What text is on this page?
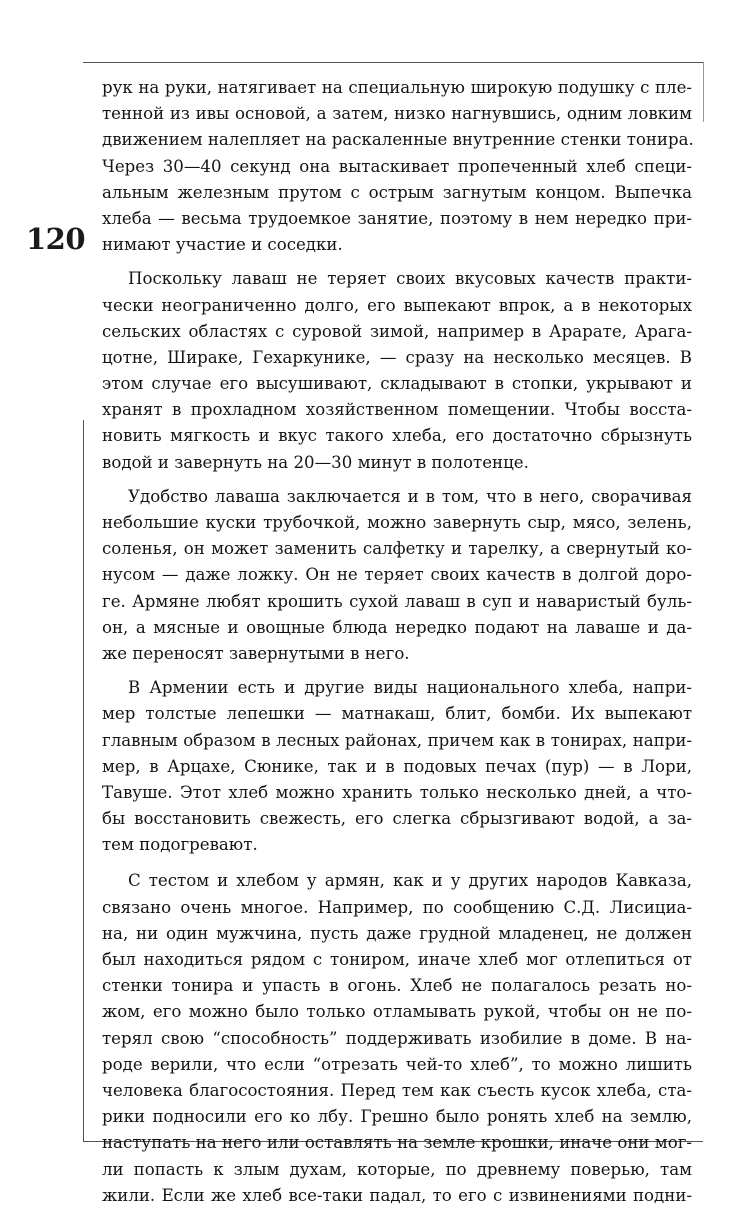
120
рук на руки, натягивает на специальную широкую подушку с пле-
тенной из ивы основой, а затем, низко нагнувшись, одним ловким
движением налепляет на раскаленные внутренние стенки тонира.
Через 30—40 секунд она вытаскивает пропеченный хлеб специ-
альным железным прутом с острым загнутым концом. Выпечка
хлеба — весьма трудоемкое занятие, поэтому в нем нередко при-
нимают участие и соседки.
Поскольку лаваш не теряет своих вкусовых качеств практи-
чески неограниченно долго, его выпекают впрок, а в некоторых
сельских областях с суровой зимой, например в Арарате, Арага-
цотне, Шираке, Гехаркунике, — сразу на несколько месяцев. В
этом случае его высушивают, складывают в стопки, укрывают и
хранят в прохладном хозяйственном помещении. Чтобы восста-
новить мягкость и вкус такого хлеба, его достаточно сбрызнуть
водой и завернуть на 20—30 минут в полотенце.
Удобство лаваша заключается и в том, что в него, сворачивая
небольшие куски трубочкой, можно завернуть сыр, мясо, зелень,
соленья, он может заменить салфетку и тарелку, а свернутый ко-
нусом — даже ложку. Он не теряет своих качеств в долгой доро-
ге. Армяне любят крошить сухой лаваш в суп и наваристый буль-
он, а мясные и овощные блюда нередко подают на лаваше и да-
же переносят завернутыми в него.
В Армении есть и другие виды национального хлеба, напри-
мер толстые лепешки — матнакаш, блит, бомби. Их выпекают
главным образом в лесных районах, причем как в тонирах, напри-
мер, в Арцахе, Сюнике, так и в подовых печах (пур) — в Лори,
Тавуше. Этот хлеб можно хранить только несколько дней, а что-
бы восстановить свежесть, его слегка сбрызгивают водой, а за-
тем подогревают.
С тестом и хлебом у армян, как и у других народов Кавказа,
связано очень многое. Например, по сообщению С.Д. Лисициа-
на, ни один мужчина, пусть даже грудной младенец, не должен
был находиться рядом с тониром, иначе хлеб мог отлепиться от
стенки тонира и упасть в огонь. Хлеб не полагалось резать но-
жом, его можно было только отламывать рукой, чтобы он не по-
терял свою “способность” поддерживать изобилие в доме. В на-
роде верили, что если “отрезать чей-то хлеб”, то можно лишить
человека благосостояния. Перед тем как съесть кусок хлеба, ста-
рики подносили его ко лбу. Грешно было ронять хлеб на землю,
наступать на него или оставлять на земле крошки, иначе они мог-
ли попасть к злым духам, которые, по древнему поверью, там
жили. Если же хлеб все-таки падал, то его с извинениями подни-
